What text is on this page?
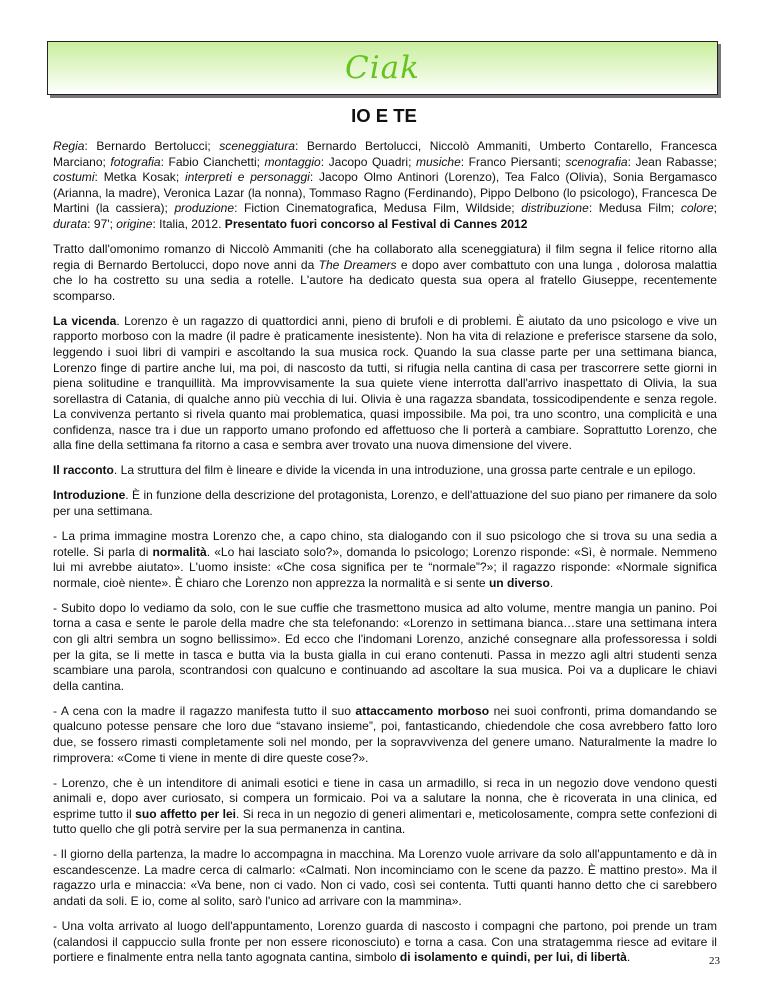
Ciak
IO E TE

Regia: Bernardo Bertolucci; sceneggiatura: Bernardo Bertolucci, Niccolò Ammaniti, Umberto Contarello, Francesca Marciano; fotografia: Fabio Cianchetti; montaggio: Jacopo Quadri; musiche: Franco Piersanti; scenografia: Jean Rabasse; costumi: Metka Kosak; interpreti e personaggi: Jacopo Olmo Antinori (Lorenzo), Tea Falco (Olivia), Sonia Bergamasco (Arianna, la madre), Veronica Lazar (la nonna), Tommaso Ragno (Ferdinando), Pippo Delbono (lo psicologo), Francesca De Martini (la cassiera); produzione: Fiction Cinematografica, Medusa Film, Wildside; distribuzione: Medusa Film; colore; durata: 97'; origine: Italia, 2012. Presentato fuori concorso al Festival di Cannes 2012

Tratto dall'omonimo romanzo di Niccolò Ammaniti (che ha collaborato alla sceneggiatura) il film segna il felice ritorno alla regia di Bernardo Bertolucci, dopo nove anni da The Dreamers e dopo aver combattuto con una lunga , dolorosa malattia che lo ha costretto su una sedia a rotelle. L'autore ha dedicato questa sua opera al fratello Giuseppe, recentemente scomparso.

La vicenda. Lorenzo è un ragazzo di quattordici anni, pieno di brufoli e di problemi. È aiutato da uno psicologo e vive un rapporto morboso con la madre (il padre è praticamente inesistente). Non ha vita di relazione e preferisce starsene da solo, leggendo i suoi libri di vampiri e ascoltando la sua musica rock. Quando la sua classe parte per una settimana bianca, Lorenzo finge di partire anche lui, ma poi, di nascosto da tutti, si rifugia nella cantina di casa per trascorrere sette giorni in piena solitudine e tranquillità. Ma improvvisamente la sua quiete viene interrotta dall'arrivo inaspettato di Olivia, la sua sorellastra di Catania, di qualche anno più vecchia di lui. Olivia è una ragazza sbandata, tossicodipendente e senza regole. La convivenza pertanto si rivela quanto mai problematica, quasi impossibile. Ma poi, tra uno scontro, una complicità e una confidenza, nasce tra i due un rapporto umano profondo ed affettuoso che li porterà a cambiare. Soprattutto Lorenzo, che alla fine della settimana fa ritorno a casa e sembra aver trovato una nuova dimensione del vivere.

Il racconto. La struttura del film è lineare e divide la vicenda in una introduzione, una grossa parte centrale e un epilogo.

Introduzione. È in funzione della descrizione del protagonista, Lorenzo, e dell'attuazione del suo piano per rimanere da solo per una settimana.

- La prima immagine mostra Lorenzo che, a capo chino, sta dialogando con il suo psicologo che si trova su una sedia a rotelle. Si parla di normalità. «Lo hai lasciato solo?», domanda lo psicologo; Lorenzo risponde: «Sì, è normale. Nemmeno lui mi avrebbe aiutato». L'uomo insiste: «Che cosa significa per te “normale”?»; il ragazzo risponde: «Normale significa normale, cioè niente». È chiaro che Lorenzo non apprezza la normalità e si sente un diverso.

- Subito dopo lo vediamo da solo, con le sue cuffie che trasmettono musica ad alto volume, mentre mangia un panino. Poi torna a casa e sente le parole della madre che sta telefonando: «Lorenzo in settimana bianca…stare una settimana intera con gli altri sembra un sogno bellissimo». Ed ecco che l'indomani Lorenzo, anziché consegnare alla professoressa i soldi per la gita, se li mette in tasca e butta via la busta gialla in cui erano contenuti. Passa in mezzo agli altri studenti senza scambiare una parola, scontrandosi con qualcuno e continuando ad ascoltare la sua musica. Poi va a duplicare le chiavi della cantina.

- A cena con la madre il ragazzo manifesta tutto il suo attaccamento morboso nei suoi confronti, prima domandando se qualcuno potesse pensare che loro due “stavano insieme”, poi, fantasticando, chiedendole che cosa avrebbero fatto loro due, se fossero rimasti completamente soli nel mondo, per la sopravvivenza del genere umano. Naturalmente la madre lo rimprovera: «Come ti viene in mente di dire queste cose?».

- Lorenzo, che è un intenditore di animali esotici e tiene in casa un armadillo, si reca in un negozio dove vendono questi animali e, dopo aver curiosato, si compera un formicaio. Poi va a salutare la nonna, che è ricoverata in una clinica, ed esprime tutto il suo affetto per lei. Si reca in un negozio di generi alimentari e, meticolosamente, compra sette confezioni di tutto quello che gli potrà servire per la sua permanenza in cantina.

- Il giorno della partenza, la madre lo accompagna in macchina. Ma Lorenzo vuole arrivare da solo all'appuntamento e dà in escandescenze. La madre cerca di calmarlo: «Calmati. Non incominciamo con le scene da pazzo. È mattino presto». Ma il ragazzo urla e minaccia: «Va bene, non ci vado. Non ci vado, così sei contenta. Tutti quanti hanno detto che ci sarebbero andati da soli. E io, come al solito, sarò l'unico ad arrivare con la mammina».

- Una volta arrivato al luogo dell'appuntamento, Lorenzo guarda di nascosto i compagni che partono, poi prende un tram (calandosi il cappuccio sulla fronte per non essere riconosciuto) e torna a casa. Con una stratagemma riesce ad evitare il portiere e finalmente entra nella tanto agognata cantina, simbolo di isolamento e quindi, per lui, di libertà.	23
